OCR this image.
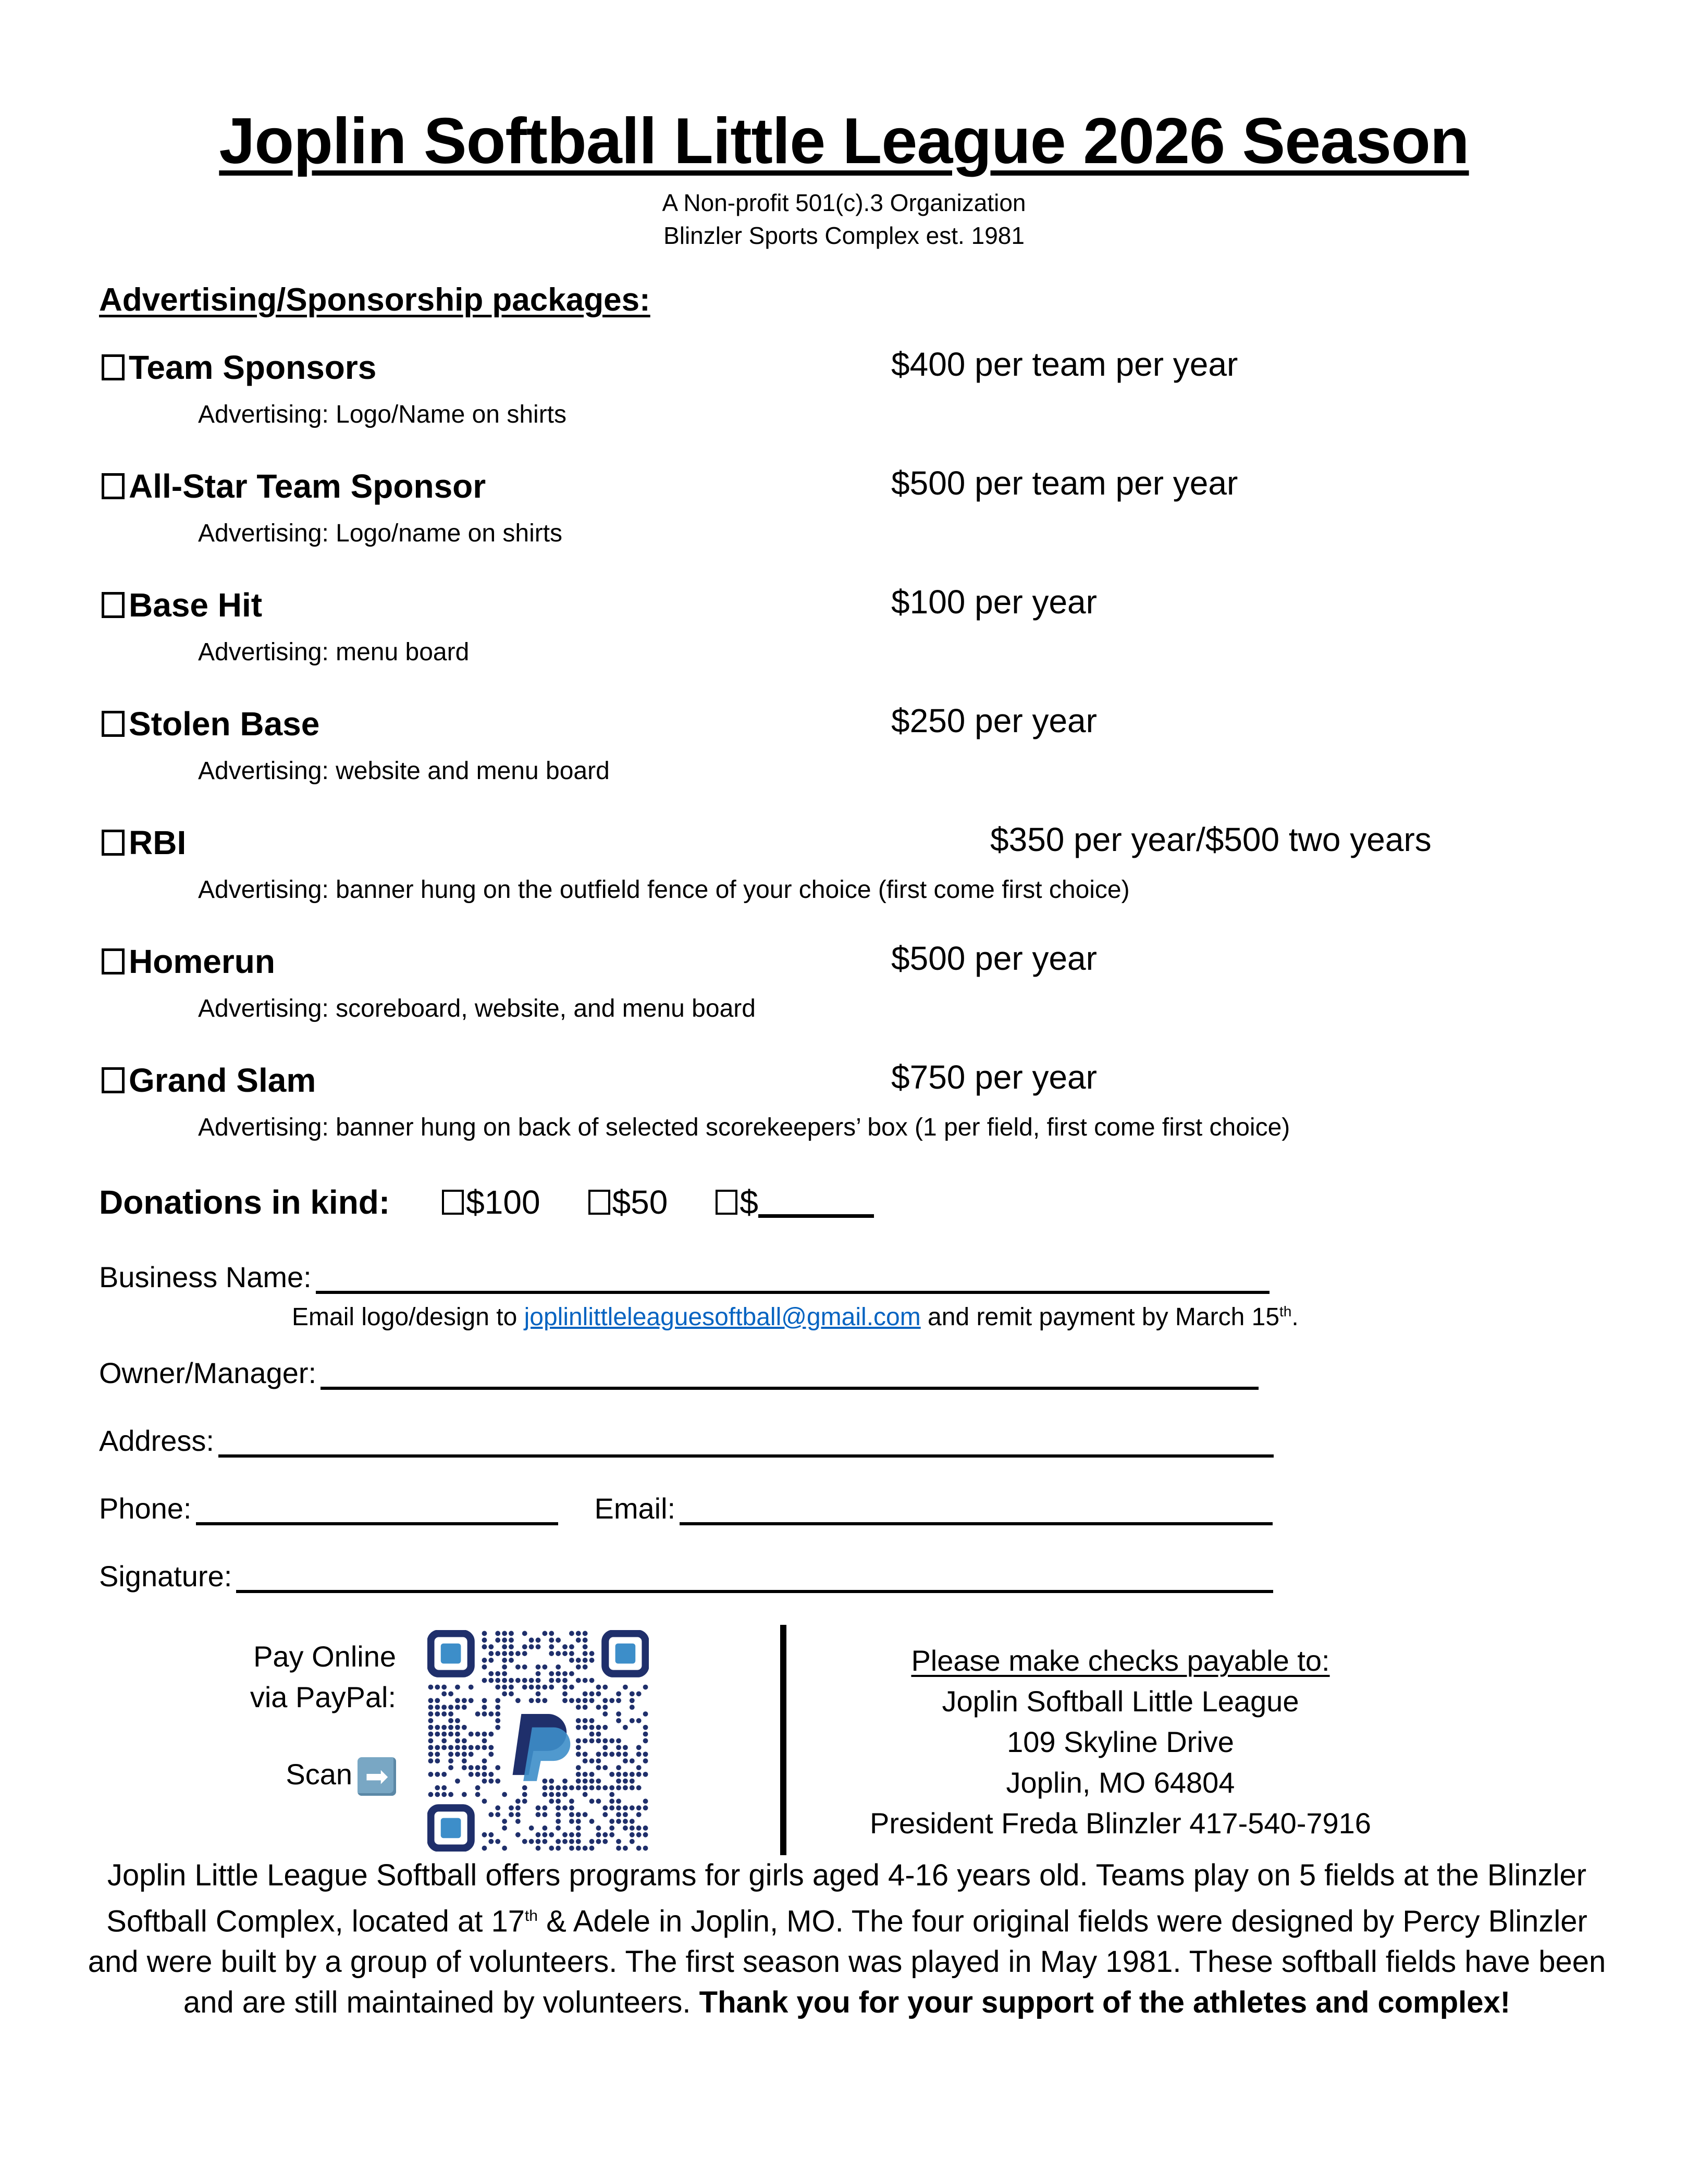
Joplin Softball Little League 2026 Season
A Non-profit 501(c).3 Organization
Blinzler Sports Complex est. 1981
Advertising/Sponsorship packages:
Team Sponsors	$400 per team per year
Advertising: Logo/Name on shirts
All-Star Team Sponsor	$500 per team per year
Advertising: Logo/name on shirts
Base Hit	$100 per year
Advertising: menu board
Stolen Base	$250 per year
Advertising: website and menu board
RBI	$350 per year/$500 two years
Advertising: banner hung on the outfield fence of your choice (first come first choice)
Homerun	$500 per year
Advertising: scoreboard, website, and menu board
Grand Slam	$750 per year
Advertising: banner hung on back of selected scorekeepers’ box (1 per field, first come first choice)
Donations in kind: $100 $50 $
Business Name:
Email logo/design to joplinlittleleaguesoftball@gmail.com and remit payment by March 15th.
Owner/Manager:
Address:
Phone:	Email:
Signature:
Pay Online
via PayPal:
Scan➡
Please make checks payable to:
Joplin Softball Little League
109 Skyline Drive
Joplin, MO 64804
President Freda Blinzler 417-540-7916
Joplin Little League Softball offers programs for girls aged 4-16 years old. Teams play on 5 fields at the Blinzler Softball Complex, located at 17th & Adele in Joplin, MO. The four original fields were designed by Percy Blinzler and were built by a group of volunteers. The first season was played in May 1981. These softball fields have been and are still maintained by volunteers. Thank you for your support of the athletes and complex!
